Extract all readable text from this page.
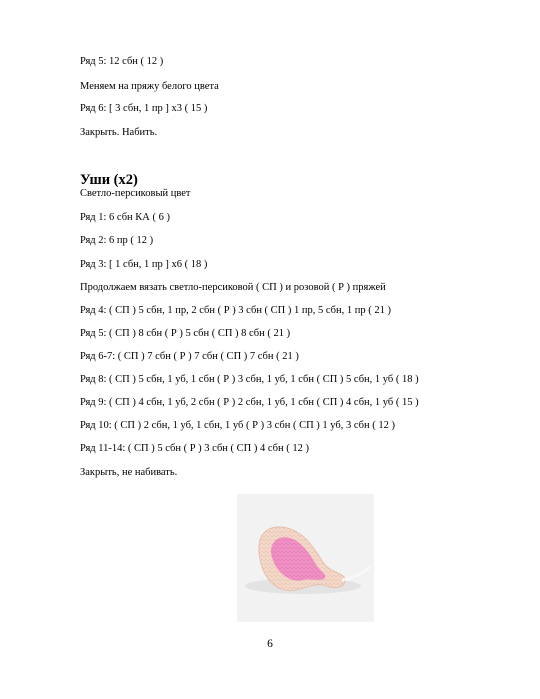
Ряд 5: 12 сбн ( 12 )
Меняем на пряжу белого цвета
Ряд 6: [ 3 сбн, 1 пр ] х3 ( 15 )
Закрыть. Набить.
Уши (х2)
Светло-персиковый цвет
Ряд 1: 6 сбн КА ( 6 )
Ряд 2: 6 пр ( 12 )
Ряд 3: [ 1 сбн, 1 пр ] х6 ( 18 )
Продолжаем вязать светло-персиковой ( СП ) и розовой ( Р ) пряжей
Ряд 4: ( СП ) 5 сбн, 1 пр, 2 сбн ( Р ) 3 сбн ( СП ) 1 пр, 5 сбн, 1 пр ( 21 )
Ряд 5: ( СП ) 8 сбн ( Р ) 5 сбн ( СП ) 8 сбн ( 21 )
Ряд 6-7: ( СП ) 7 сбн ( Р ) 7 сбн ( СП ) 7 сбн ( 21 )
Ряд 8: ( СП ) 5 сбн, 1 уб, 1 сбн ( Р ) 3 сбн, 1 уб, 1 сбн ( СП ) 5 сбн, 1 уб ( 18 )
Ряд 9: ( СП ) 4 сбн, 1 уб, 2 сбн ( Р ) 2 сбн, 1 уб, 1 сбн ( СП ) 4 сбн, 1 уб ( 15 )
Ряд 10: ( СП ) 2 сбн, 1 уб, 1 сбн, 1 уб ( Р ) 3 сбн ( СП ) 1 уб, 3 сбн ( 12 )
Ряд 11-14: ( СП ) 5 сбн ( Р ) 3 сбн ( СП ) 4 сбн ( 12 )
Закрыть, не набивать.
6
